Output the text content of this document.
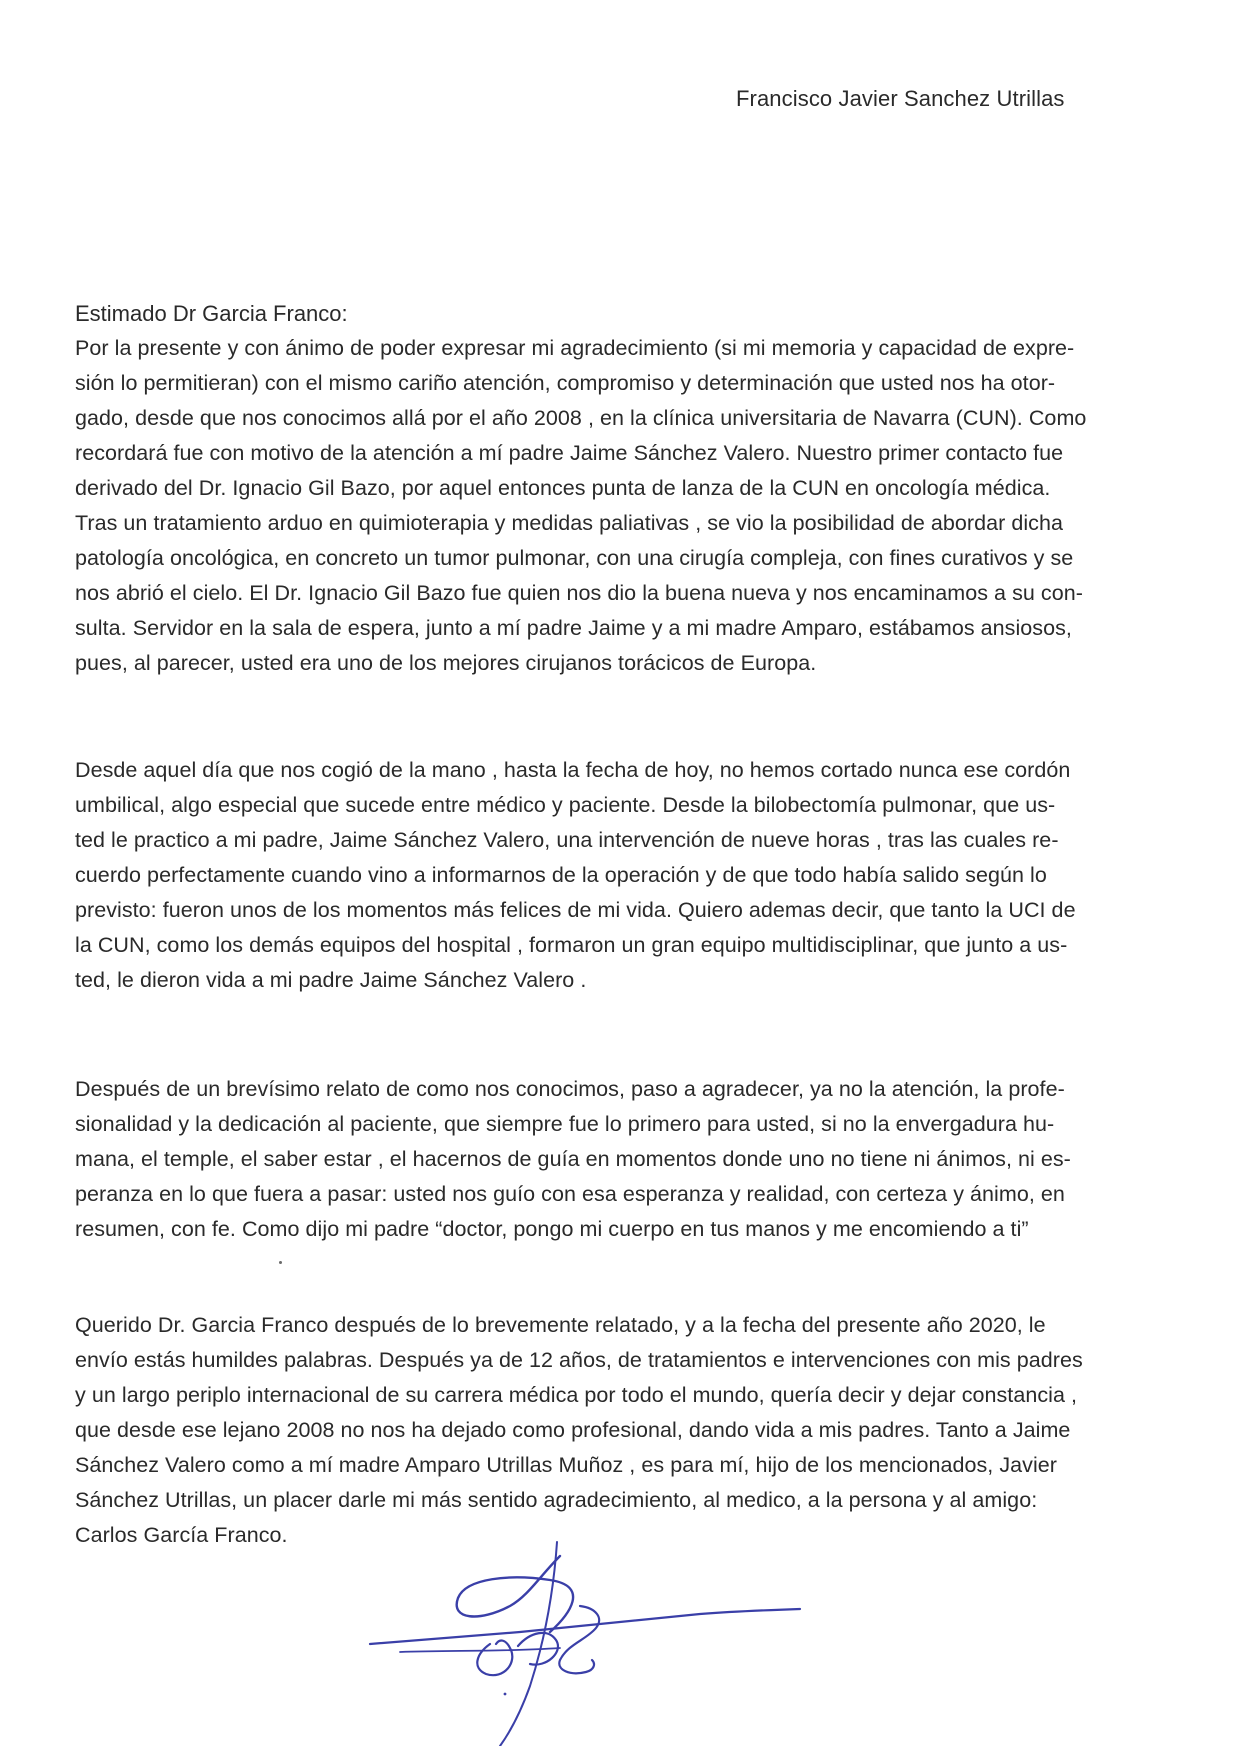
Francisco Javier Sanchez Utrillas
Estimado Dr Garcia Franco:

Por la presente y con ánimo de poder expresar mi agradecimiento (si mi memoria y capacidad de expre-
sión lo permitieran) con el mismo cariño atención, compromiso y determinación que usted nos ha otor-
gado, desde que nos conocimos allá por el año 2008 , en la clínica universitaria de Navarra (CUN). Como
recordará fue con motivo de la atención a mí padre Jaime Sánchez Valero. Nuestro primer contacto fue
derivado del Dr. Ignacio Gil Bazo, por aquel entonces punta de lanza de la CUN en oncología médica.
Tras un tratamiento arduo en quimioterapia y medidas paliativas , se vio la posibilidad de abordar dicha
patología oncológica, en concreto un tumor pulmonar, con una cirugía compleja, con fines curativos y se
nos abrió el cielo. El Dr. Ignacio Gil Bazo fue quien nos dio la buena nueva y nos encaminamos a su con-
sulta. Servidor en la sala de espera, junto a mí padre Jaime y a mi madre Amparo, estábamos ansiosos,
pues, al parecer, usted era uno de los mejores cirujanos torácicos de Europa.

Desde aquel día que nos cogió de la mano , hasta la fecha de hoy, no hemos cortado nunca ese cordón
umbilical, algo especial que sucede entre médico y paciente. Desde la bilobectomía pulmonar, que us-
ted le practico a mi padre, Jaime Sánchez Valero, una intervención de nueve horas , tras las cuales re-
cuerdo perfectamente cuando vino a informarnos de la operación y de que todo había salido según lo
previsto: fueron unos de los momentos más felices de mi vida. Quiero ademas decir, que tanto la UCI de
la CUN, como los demás equipos del hospital , formaron un gran equipo multidisciplinar, que junto a us-
ted, le dieron vida a mi padre Jaime Sánchez Valero .

Después de un brevísimo relato de como nos conocimos, paso a agradecer, ya no la atención, la profe-
sionalidad y la dedicación al paciente, que siempre fue lo primero para usted, si no la envergadura hu-
mana, el temple, el saber estar , el hacernos de guía en momentos donde uno no tiene ni ánimos, ni es-
peranza en lo que fuera a pasar: usted nos guío con esa esperanza y realidad, con certeza y ánimo, en
resumen, con fe. Como dijo mi padre “doctor, pongo mi cuerpo en tus manos y me encomiendo a ti”

Querido Dr. Garcia Franco después de lo brevemente relatado, y a la fecha del presente año 2020, le
envío estás humildes palabras. Después ya de 12 años, de tratamientos e intervenciones con mis padres
y un largo periplo internacional de su carrera médica por todo el mundo, quería decir y dejar constancia ,
que desde ese lejano 2008 no nos ha dejado como profesional, dando vida a mis padres. Tanto a Jaime
Sánchez Valero como a mí madre Amparo Utrillas Muñoz , es para mí, hijo de los mencionados, Javier
Sánchez Utrillas, un placer darle mi más sentido agradecimiento, al medico, a la persona y al amigo:
Carlos García Franco.
